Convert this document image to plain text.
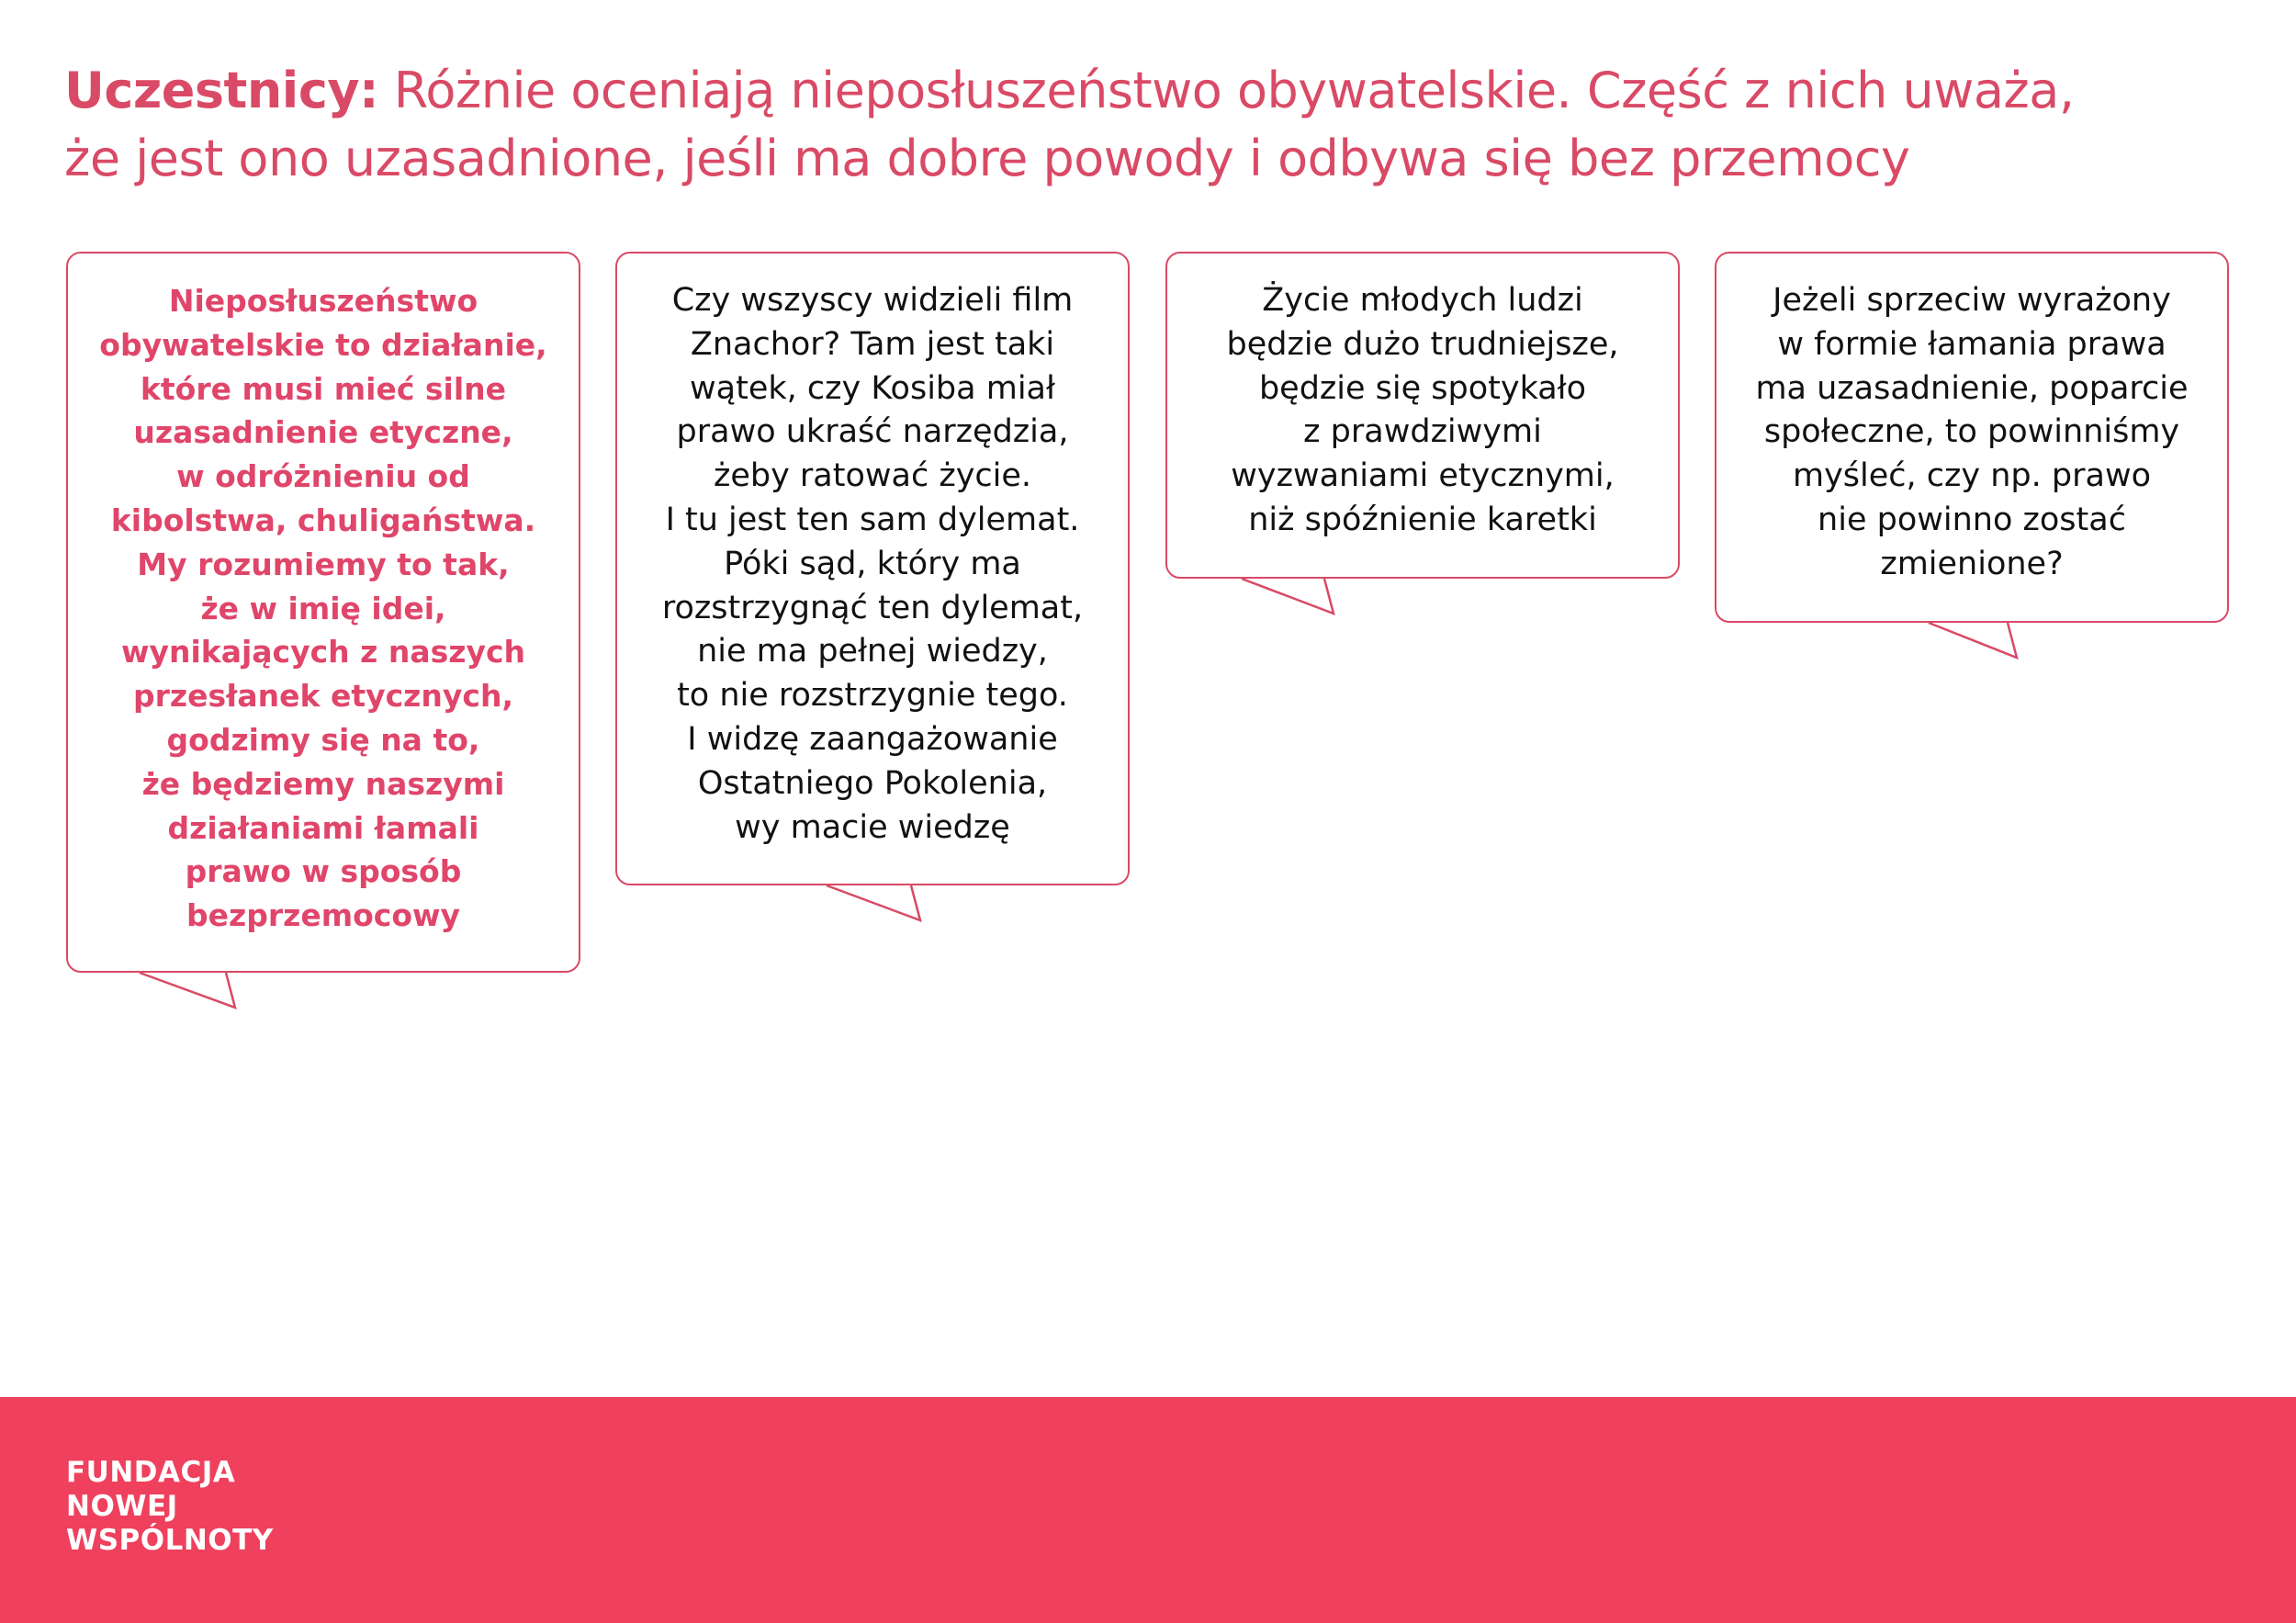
Uczestnicy: Różnie oceniają nieposłuszeństwo obywatelskie. Część z nich uważa,
że jest ono uzasadnione, jeśli ma dobre powody i odbywa się bez przemocy
Nieposłuszeństwo
obywatelskie to działanie,
które musi mieć silne
uzasadnienie etyczne,
w odróżnieniu od
kibolstwa, chuligaństwa.
My rozumiemy to tak,
że w imię idei,
wynikających z naszych
przesłanek etycznych,
godzimy się na to,
że będziemy naszymi
działaniami łamali
prawo w sposób
bezprzemocowy
Czy wszyscy widzieli film
Znachor? Tam jest taki
wątek, czy Kosiba miał
prawo ukraść narzędzia,
żeby ratować życie.
I tu jest ten sam dylemat.
Póki sąd, który ma
rozstrzygnąć ten dylemat,
nie ma pełnej wiedzy,
to nie rozstrzygnie tego.
I widzę zaangażowanie
Ostatniego Pokolenia,
wy macie wiedzę
Życie młodych ludzi
będzie dużo trudniejsze,
będzie się spotykało
z prawdziwymi
wyzwaniami etycznymi,
niż spóźnienie karetki
Jeżeli sprzeciw wyrażony
w formie łamania prawa
ma uzasadnienie, poparcie
społeczne, to powinniśmy
myśleć, czy np. prawo
nie powinno zostać
zmienione?
FUNDACJA
NOWEJ
WSPÓLNOTY
